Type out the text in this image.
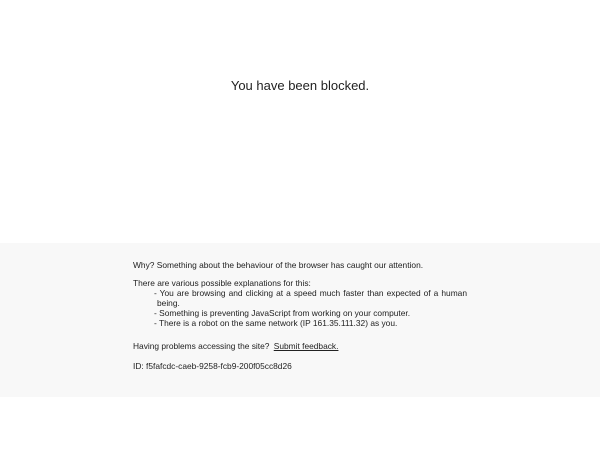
You have been blocked.

Why? Something about the behaviour of the browser has caught our attention.

There are various possible explanations for this:

- You are browsing and clicking at a speed much faster than expected of a human being.
- Something is preventing JavaScript from working on your computer.
- There is a robot on the same network (IP 161.35.111.32) as you.

Having problems accessing the site? Submit feedback.

ID: f5fafcdc-caeb-9258-fcb9-200f05cc8d26
